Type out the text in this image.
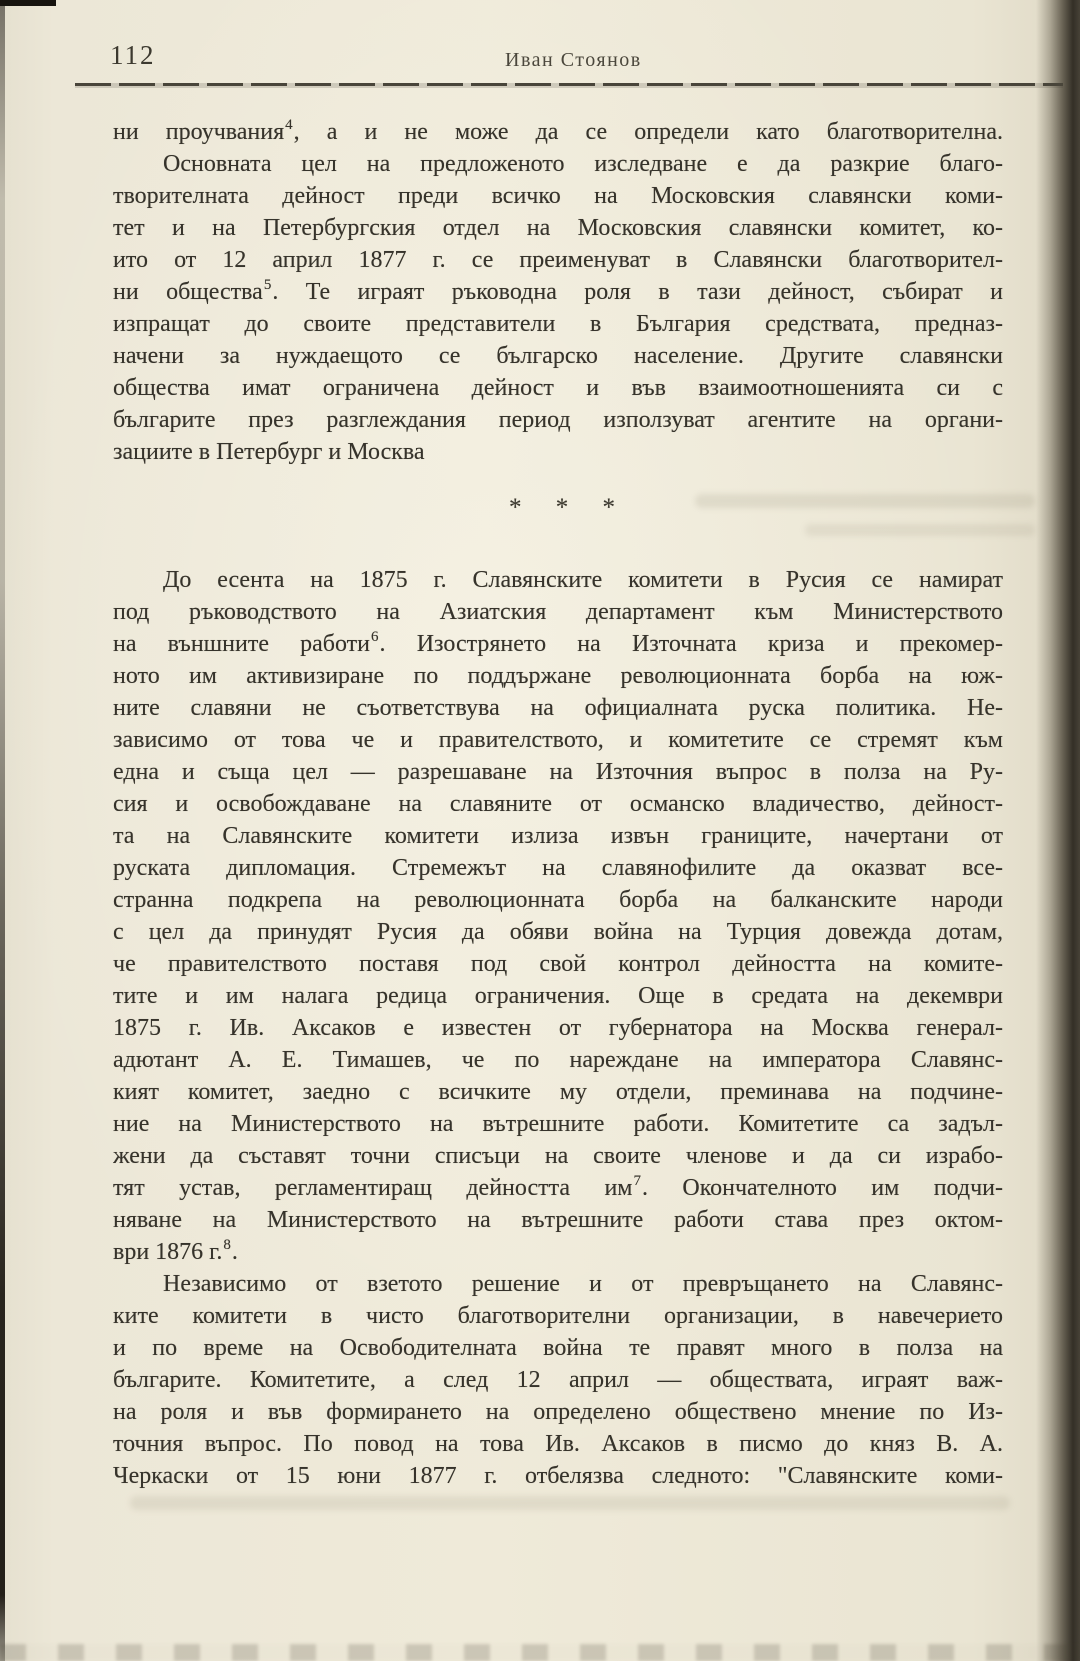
112	Иван Стоянов
ни проучвания$^4$, а и не може да се определи като благотворителна.
Основната цел на предложеното изследване е да разкрие благо-
творителната дейност преди всичко на Московския славянски коми-
тет и на Петербургския отдел на Московския славянски комитет, ко-
ито от 12 април 1877 г. се преименуват в Славянски благотворител-
ни общества$^5$. Те играят ръководна роля в тази дейност, събират и
изпращат до своите представители в България средствата, предназ-
начени за нуждаещото се българско население. Другите славянски
общества имат ограничена дейност и във взаимоотношенията си с
българите през разглеждания период използуват агентите на органи-
зациите в Петербург и Москва
* * *
До есента на 1875 г. Славянските комитети в Русия се намират
под ръководството на Азиатския департамент към Министерството
на външните работи$^6$. Изострянето на Източната криза и прекомер-
ното им активизиране по поддържане революционната борба на юж-
ните славяни не съответствува на официалната руска политика. Не-
зависимо от това че и правителството, и комитетите се стремят към
една и съща цел — разрешаване на Източния въпрос в полза на Ру-
сия и освобождаване на славяните от османско владичество, дейност-
та на Славянските комитети излиза извън границите, начертани от
руската дипломация. Стремежът на славянофилите да оказват все-
странна подкрепа на революционната борба на балканските народи
с цел да принудят Русия да обяви война на Турция довежда дотам,
че правителството поставя под свой контрол дейността на комите-
тите и им налага редица ограничения. Още в средата на декември
1875 г. Ив. Аксаков е известен от губернатора на Москва генерал-
адютант А. Е. Тимашев, че по нареждане на императора Славянс-
кият комитет, заедно с всичките му отдели, преминава на подчине-
ние на Министерството на вътрешните работи. Комитетите са задъл-
жени да съставят точни списъци на своите членове и да си израбо-
тят устав, регламентиращ дейността $им^7$. Окончателното им подчи-
няване на Министерството на вътрешните работи става през октом-
ври 1876 г.$^8$.
Независимо от взетото решение и от превръщането на Славянс-
ките комитети в чисто благотворителни организации, в навечерието
и по време на Освободителната война те правят много в полза на
българите. Комитетите, а след 12 април — обществата, играят важ-
на роля и във формирането на определено обществено мнение по Из-
точния въпрос. По повод на това Ив. Аксаков в писмо до княз В. А.
Черкаски от 15 юни 1877 г. отбелязва следното: "Славянските коми-
